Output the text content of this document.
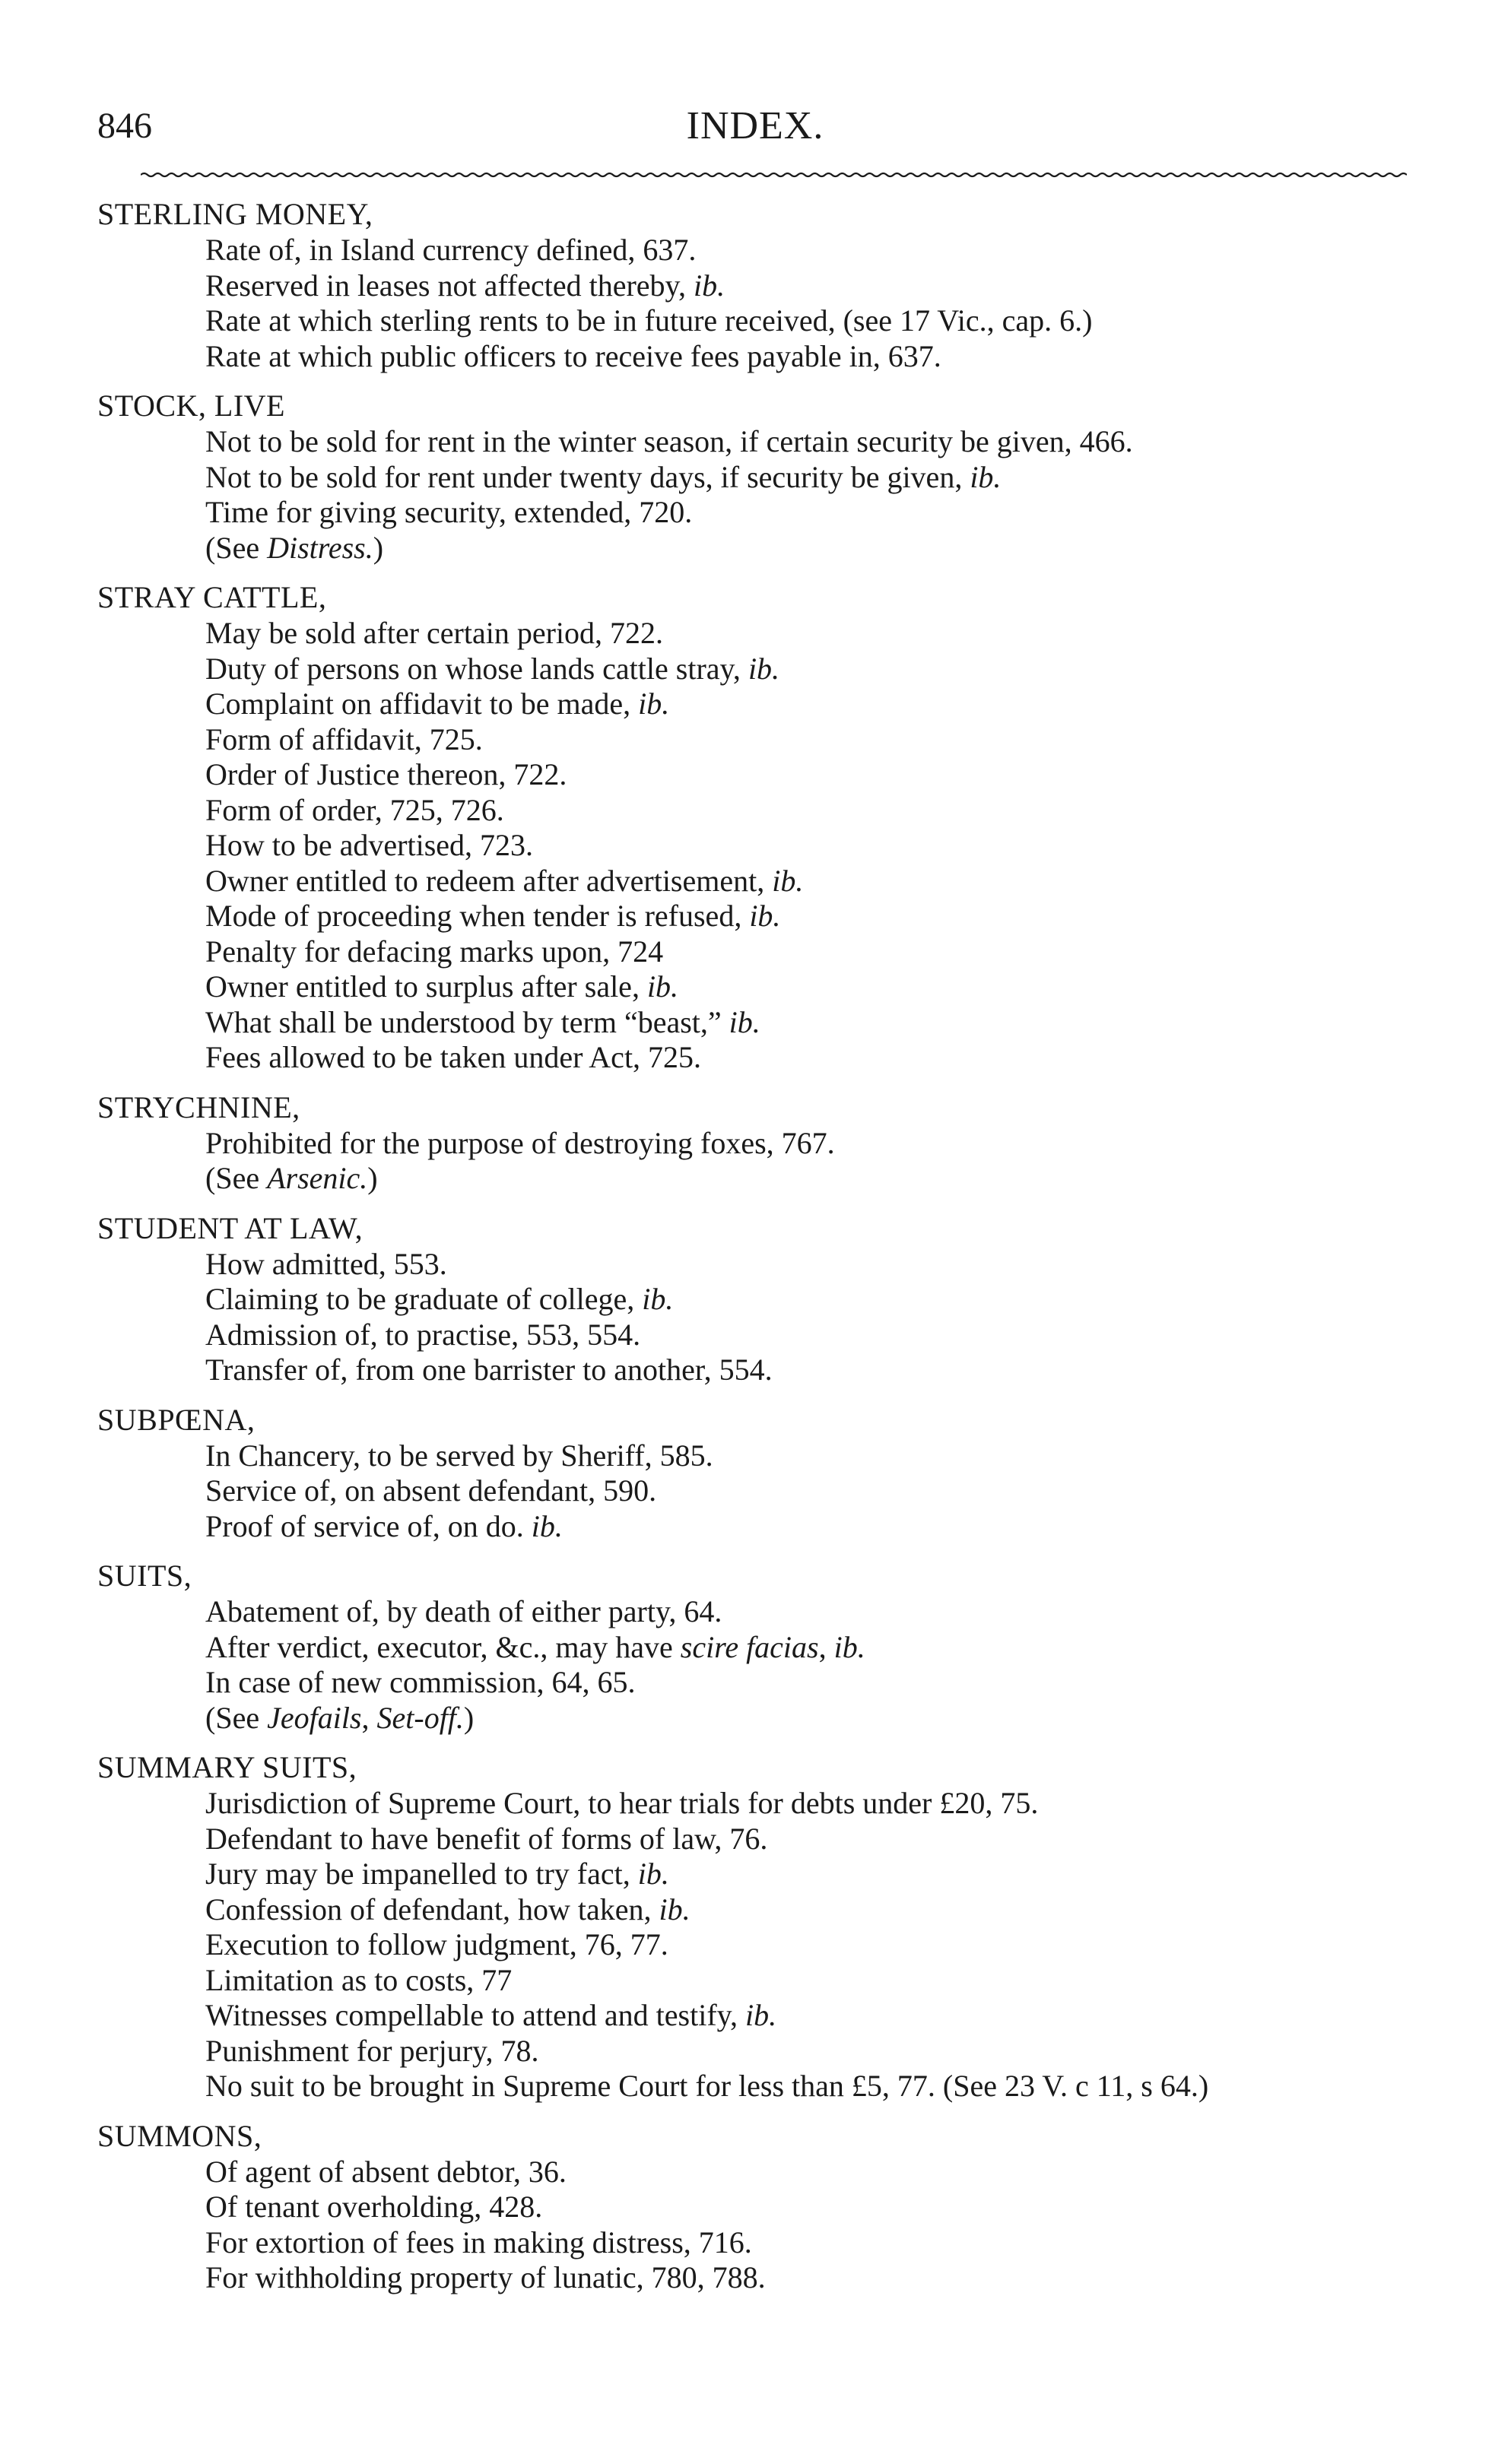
846	INDEX.
STERLING MONEY,
Rate of, in Island currency defined, 637.
Reserved in leases not affected thereby, ib.
Rate at which sterling rents to be in future received, (see 17 Vic., cap. 6.)
Rate at which public officers to receive fees payable in, 637.
STOCK, LIVE
Not to be sold for rent in the winter season, if certain security be given, 466.
Not to be sold for rent under twenty days, if security be given, ib.
Time for giving security, extended, 720.
(See Distress.)
STRAY CATTLE,
May be sold after certain period, 722.
Duty of persons on whose lands cattle stray, ib.
Complaint on affidavit to be made, ib.
Form of affidavit, 725.
Order of Justice thereon, 722.
Form of order, 725, 726.
How to be advertised, 723.
Owner entitled to redeem after advertisement, ib.
Mode of proceeding when tender is refused, ib.
Penalty for defacing marks upon, 724
Owner entitled to surplus after sale, ib.
What shall be understood by term “beast,” ib.
Fees allowed to be taken under Act, 725.
STRYCHNINE,
Prohibited for the purpose of destroying foxes, 767.
(See Arsenic.)
STUDENT AT LAW,
How admitted, 553.
Claiming to be graduate of college, ib.
Admission of, to practise, 553, 554.
Transfer of, from one barrister to another, 554.
SUBPŒNA,
In Chancery, to be served by Sheriff, 585.
Service of, on absent defendant, 590.
Proof of service of, on do. ib.
SUITS,
Abatement of, by death of either party, 64.
After verdict, executor, &c., may have scire facias, ib.
In case of new commission, 64, 65.
(See Jeofails, Set-off.)
SUMMARY SUITS,
Jurisdiction of Supreme Court, to hear trials for debts under £20, 75.
Defendant to have benefit of forms of law, 76.
Jury may be impanelled to try fact, ib.
Confession of defendant, how taken, ib.
Execution to follow judgment, 76, 77.
Limitation as to costs, 77
Witnesses compellable to attend and testify, ib.
Punishment for perjury, 78.
No suit to be brought in Supreme Court for less than £5, 77. (See 23 V. c 11, s 64.)
SUMMONS,
Of agent of absent debtor, 36.
Of tenant overholding, 428.
For extortion of fees in making distress, 716.
For withholding property of lunatic, 780, 788.
